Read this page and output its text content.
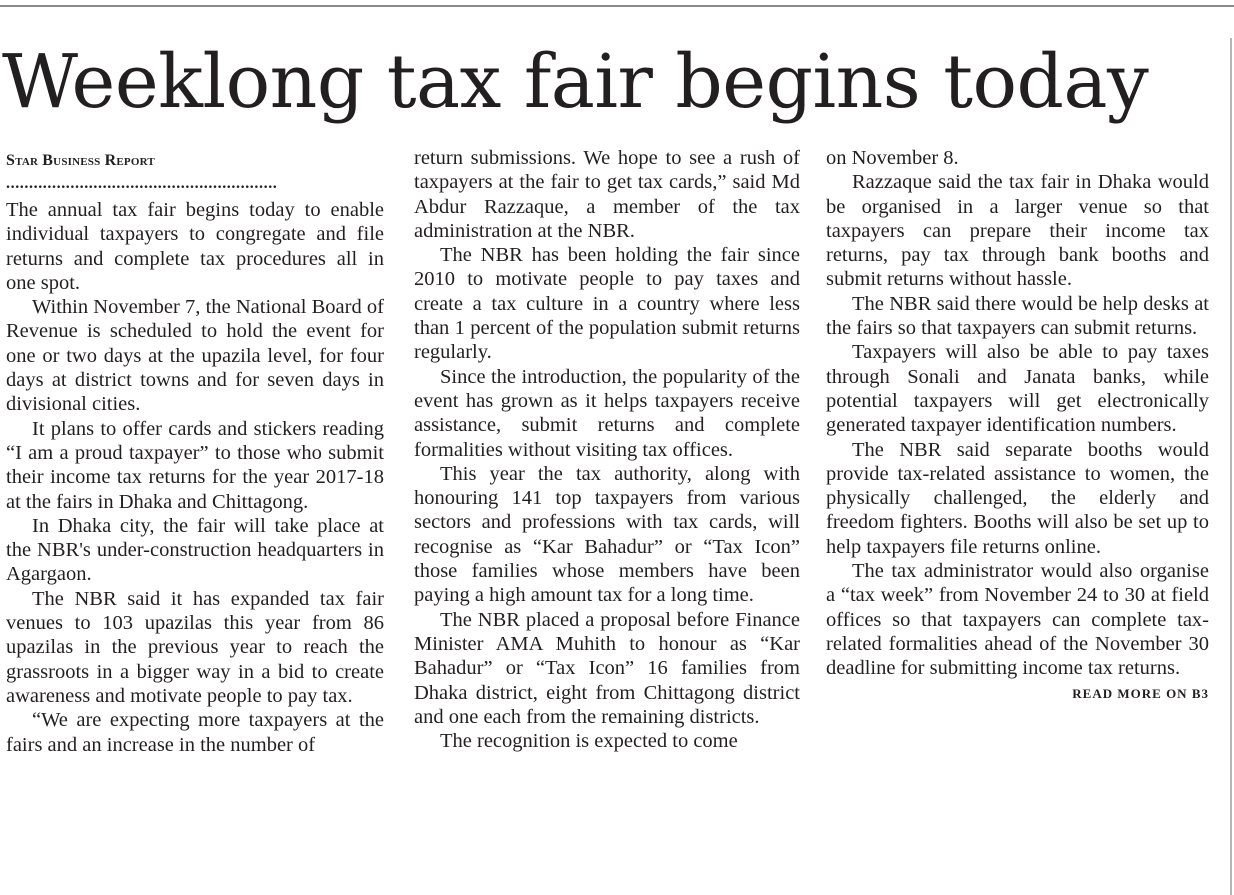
Weeklong tax fair begins today
Star Business Report
...........................................................

The annual tax fair begins today to enable individual taxpayers to congregate and file returns and complete tax procedures all in one spot.

Within November 7, the National Board of Revenue is scheduled to hold the event for one or two days at the upazila level, for four days at district towns and for seven days in divisional cities.

It plans to offer cards and stickers reading “I am a proud taxpayer” to those who submit their income tax returns for the year 2017-18 at the fairs in Dhaka and Chittagong.

In Dhaka city, the fair will take place at the NBR's under-construction headquarters in Agargaon.

The NBR said it has expanded tax fair venues to 103 upazilas this year from 86 upazilas in the previous year to reach the grassroots in a bigger way in a bid to create awareness and motivate people to pay tax.

“We are expecting more taxpayers at the fairs and an increase in the number of

return submissions. We hope to see a rush of taxpayers at the fair to get tax cards,” said Md Abdur Razzaque, a member of the tax administration at the NBR.

The NBR has been holding the fair since 2010 to motivate people to pay taxes and create a tax culture in a country where less than 1 percent of the population submit returns regularly.

Since the introduction, the popularity of the event has grown as it helps taxpayers receive assistance, submit returns and complete formalities without visiting tax offices.

This year the tax authority, along with honouring 141 top taxpayers from various sectors and professions with tax cards, will recognise as “Kar Bahadur” or “Tax Icon” those families whose members have been paying a high amount tax for a long time.

The NBR placed a proposal before Finance Minister AMA Muhith to honour as “Kar Bahadur” or “Tax Icon” 16 families from Dhaka district, eight from Chittagong district and one each from the remaining districts.

The recognition is expected to come

on November 8.

Razzaque said the tax fair in Dhaka would be organised in a larger venue so that taxpayers can prepare their income tax returns, pay tax through bank booths and submit returns without hassle.

The NBR said there would be help desks at the fairs so that taxpayers can submit returns.

Taxpayers will also be able to pay taxes through Sonali and Janata banks, while potential taxpayers will get electronically generated taxpayer identification numbers.

The NBR said separate booths would provide tax-related assistance to women, the physically challenged, the elderly and freedom fighters. Booths will also be set up to help taxpayers file returns online.

The tax administrator would also organise a “tax week” from November 24 to 30 at field offices so that taxpayers can complete tax-related formalities ahead of the November 30 deadline for submitting income tax returns.

READ MORE ON B3
